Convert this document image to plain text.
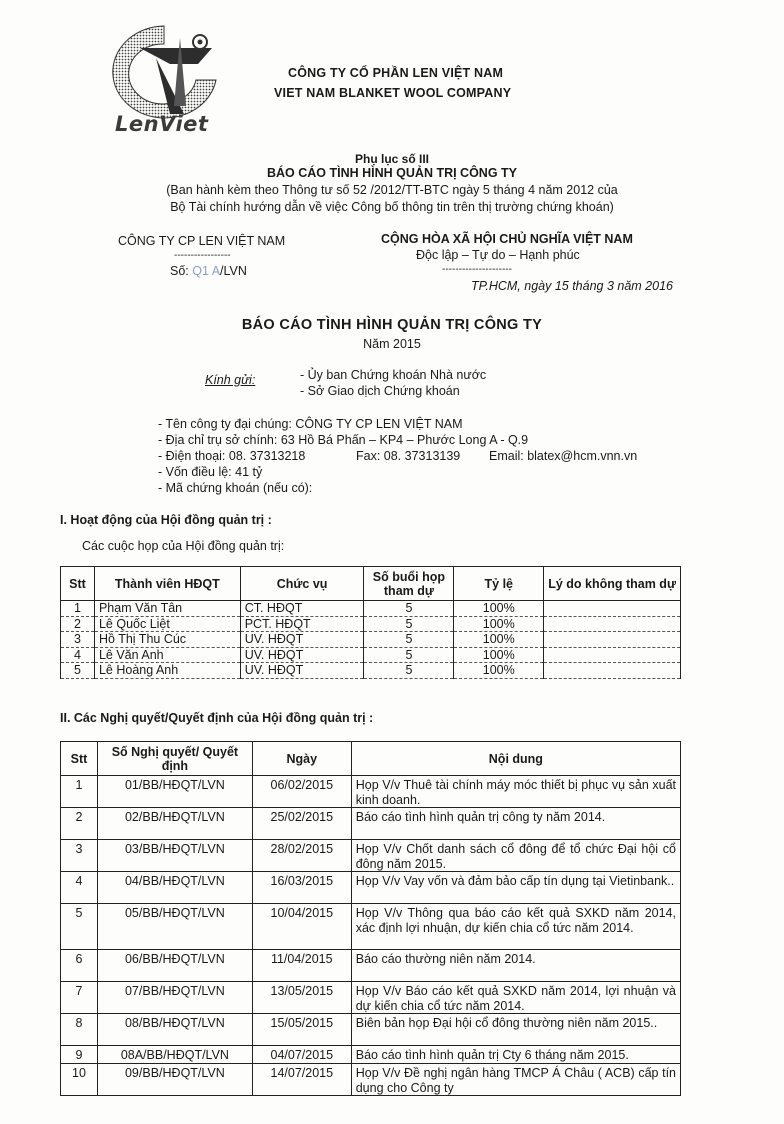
LenViet
CÔNG TY CỔ PHẦN LEN VIỆT NAM
VIET NAM BLANKET WOOL COMPANY
Phụ lục số III
BÁO CÁO TÌNH HÌNH QUẢN TRỊ CÔNG TY
(Ban hành kèm theo Thông tư số 52 /2012/TT-BTC ngày 5 tháng 4 năm 2012 của
Bộ Tài chính hướng dẫn về việc Công bố thông tin trên thị trường chứng khoán)
CÔNG TY CP LEN VIỆT NAM
-----------------
Số: Q1 A/LVN
CỘNG HÒA XÃ HỘI CHỦ NGHĨA VIỆT NAM
Độc lập – Tự do – Hạnh phúc
---------------------
TP.HCM, ngày 15 tháng 3 năm 2016
BÁO CÁO TÌNH HÌNH QUẢN TRỊ CÔNG TY
Năm 2015
Kính gửi:	- Ủy ban Chứng khoán Nhà nước
- Sở Giao dịch Chứng khoán
- Tên công ty đại chúng: CÔNG TY CP LEN VIỆT NAM
- Địa chỉ trụ sở chính: 63 Hồ Bá Phấn – KP4 – Phước Long A - Q.9
- Điện thoại: 08. 37313218	Fax: 08. 37313139 Email: blatex@hcm.vnn.vn
- Vốn điều lệ: 41 tỷ
- Mã chứng khoán (nếu có):
I. Hoạt động của Hội đồng quản trị :
Các cuộc họp của Hội đồng quản trị:
Stt	Thành viên HĐQT	Chức vụ	Số buổi họp tham dự	Tỷ lệ	Lý do không tham dự
1	Phạm Văn Tân	CT. HĐQT	5	100%	
2	Lê Quốc Liệt	PCT. HĐQT	5	100%	
3	Hồ Thị Thu Cúc	UV. HĐQT	5	100%	
4	Lê Văn Anh	UV. HĐQT	5	100%	
5	Lê Hoàng Anh	UV. HĐQT	5	100%	
II. Các Nghị quyết/Quyết định của Hội đồng quản trị :
Stt	Số Nghị quyết/ Quyết định	Ngày	Nội dung
1	01/BB/HĐQT/LVN	06/02/2015	Họp V/v Thuê tài chính máy móc thiết bị phục vụ sản xuất kinh doanh.
2	02/BB/HĐQT/LVN	25/02/2015	Báo cáo tình hình quản trị công ty năm 2014.
3	03/BB/HĐQT/LVN	28/02/2015	Họp V/v Chốt danh sách cổ đông để tổ chức Đại hội cổ đông năm 2015.
4	04/BB/HĐQT/LVN	16/03/2015	Họp V/v Vay vốn và đảm bảo cấp tín dụng tại Vietinbank..
5	05/BB/HĐQT/LVN	10/04/2015	Họp V/v Thông qua báo cáo kết quả SXKD năm 2014, xác định lợi nhuận, dự kiến chia cổ tức năm 2014.
6	06/BB/HĐQT/LVN	11/04/2015	Báo cáo thường niên năm 2014.
7	07/BB/HĐQT/LVN	13/05/2015	Họp V/v Báo cáo kết quả SXKD năm 2014, lợi nhuận và dự kiến chia cổ tức năm 2014.
8	08/BB/HĐQT/LVN	15/05/2015	Biên bản họp Đại hội cổ đông thường niên năm 2015..
9	08A/BB/HĐQT/LVN	04/07/2015	Báo cáo tình hình quản trị Cty 6 tháng năm 2015.
10	09/BB/HĐQT/LVN	14/07/2015	Họp V/v Đề nghị ngân hàng TMCP Á Châu ( ACB) cấp tín dụng cho Công ty
